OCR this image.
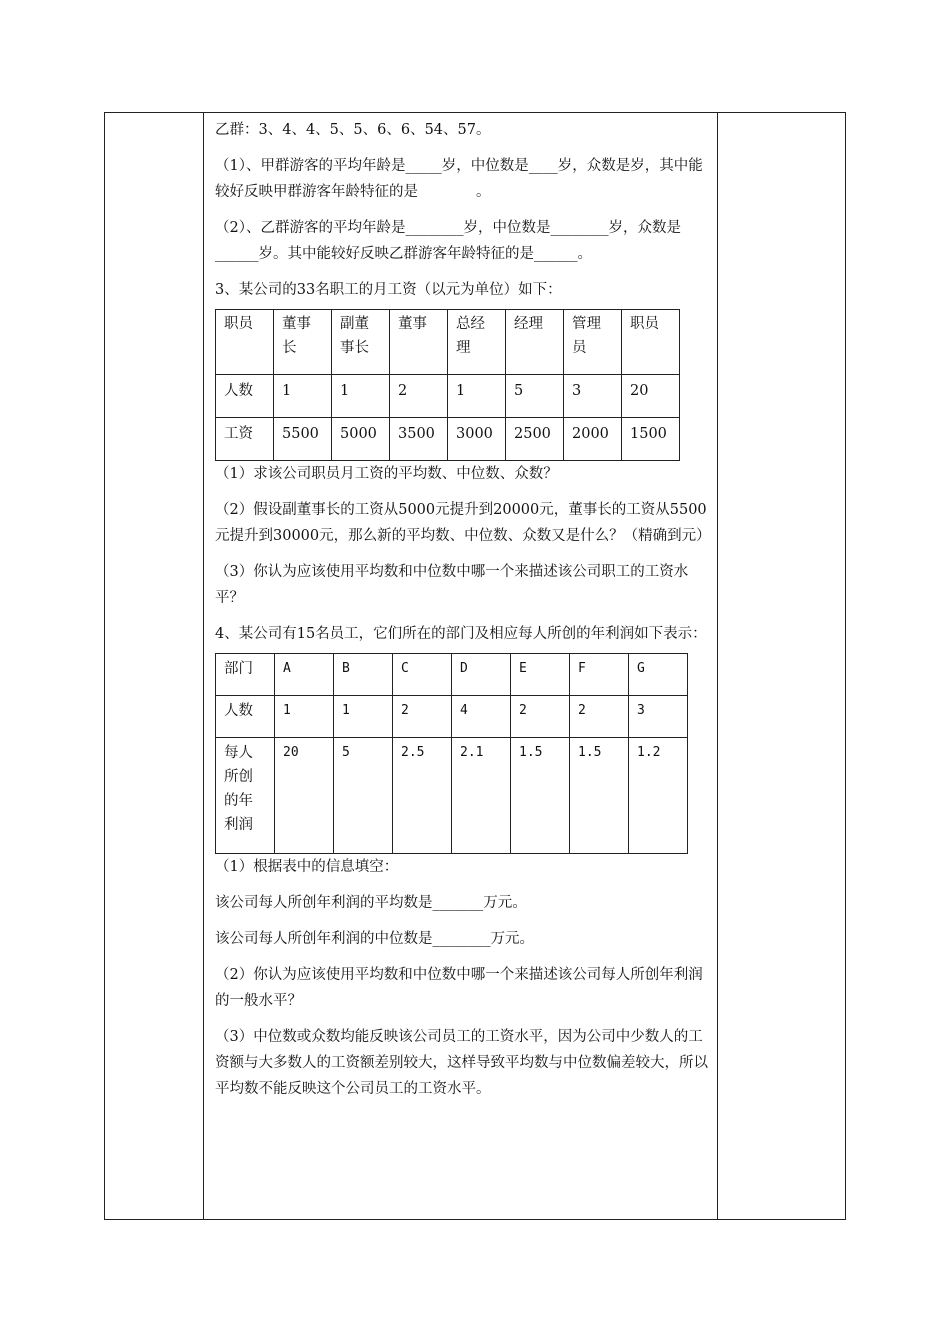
乙群：3、4、4、5、5、6、6、54、57。

（1）、甲群游客的平均年龄是_____岁，中位数是____岁，众数是岁，其中能较好反映甲群游客年龄特征的是	。

（2）、乙群游客的平均年龄是________岁，中位数是________岁，众数是______岁。其中能较好反映乙群游客年龄特征的是______。

3、某公司的33名职工的月工资（以元为单位）如下：

职员	董事长	副董事长	董事	总经理	经理	管理员	职员
人数	1	1	2	1	5	3	20
工资	5500	5000	3500	3000	2500	2000	1500

（1）求该公司职员月工资的平均数、中位数、众数？

（2）假设副董事长的工资从5000元提升到20000元，董事长的工资从5500元提升到30000元，那么新的平均数、中位数、众数又是什么？（精确到元）

（3）你认为应该使用平均数和中位数中哪一个来描述该公司职工的工资水平？

4、某公司有15名员工，它们所在的部门及相应每人所创的年利润如下表示：

部门	A	B	C	D	E	F	G
人数	1	1	2	4	2	2	3
每人所创的年利润	20	5	2.5	2.1	1.5	1.5	1.2

（1）根据表中的信息填空：

该公司每人所创年利润的平均数是_______万元。

该公司每人所创年利润的中位数是________万元。

（2）你认为应该使用平均数和中位数中哪一个来描述该公司每人所创年利润的一般水平？

（3）中位数或众数均能反映该公司员工的工资水平，因为公司中少数人的工资额与大多数人的工资额差别较大，这样导致平均数与中位数偏差较大，所以平均数不能反映这个公司员工的工资水平。
